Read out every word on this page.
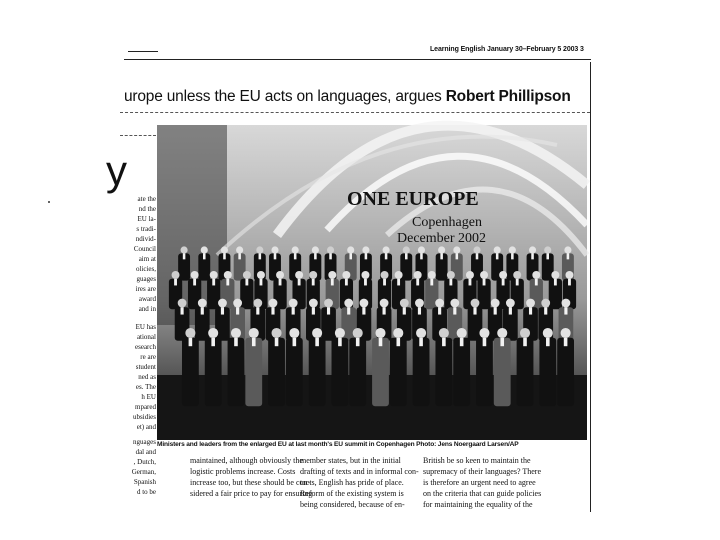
Learning English January 30–February 5 2003 3
urope unless the EU acts on languages, argues Robert Phillipson
y
ate the
nd the
EU la-
s tradi-
ndivid-
Council
aim at
olicies,
guages
ires are
award
and in
EU has
ational
esearch
re are
student
ned as
es. The
h EU
mpared
ubsidies
et) and
nguages
dal and
, Dutch,
German,
Spanish
d to be
ONE EUROPE
Copenhagen
December 2002
Ministers and leaders from the enlarged EU at last month's EU summit in Copenhagen Photo: Jens Noergaard Larsen/AP
maintained, although obviously the
logistic problems increase. Costs
increase too, but these should be con-
sidered a fair price to pay for ensuring
member states, but in the initial
drafting of texts and in informal con-
tacts, English has pride of place.
Reform of the existing system is
being considered, because of en-
British be so keen to maintain the
supremacy of their languages? There
is therefore an urgent need to agree
on the criteria that can guide policies
for maintaining the equality of the
